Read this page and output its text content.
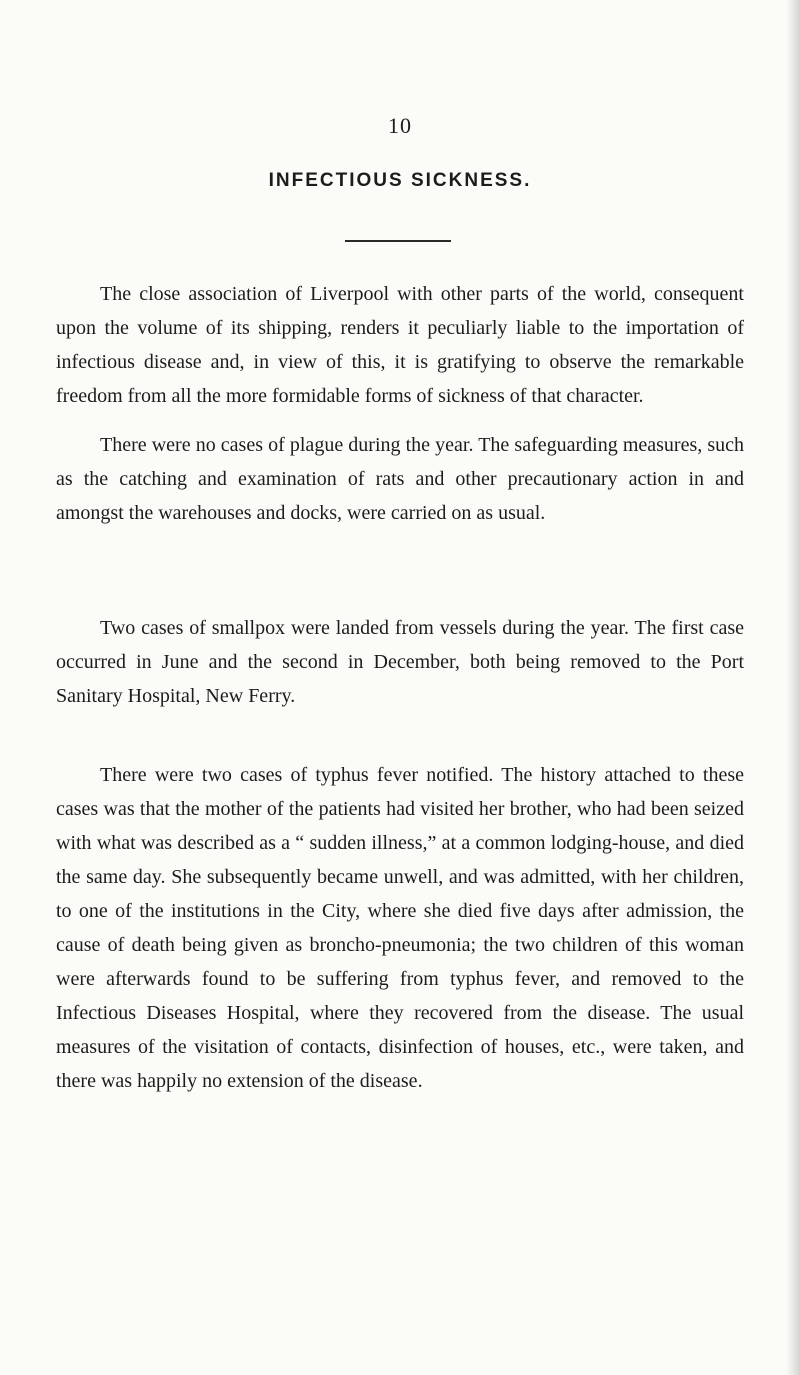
10
INFECTIOUS SICKNESS.

The close association of Liverpool with other parts of the world, consequent upon the volume of its shipping, renders it peculiarly liable to the importation of infectious disease and, in view of this, it is gratifying to observe the remarkable freedom from all the more formidable forms of sickness of that character.

There were no cases of plague during the year. The safeguarding measures, such as the catching and examination of rats and other precautionary action in and amongst the warehouses and docks, were carried on as usual.

Two cases of smallpox were landed from vessels during the year. The first case occurred in June and the second in December, both being removed to the Port Sanitary Hospital, New Ferry.

There were two cases of typhus fever notified. The history attached to these cases was that the mother of the patients had visited her brother, who had been seized with what was described as a “ sudden illness,” at a common lodging-house, and died the same day. She subsequently became unwell, and was admitted, with her children, to one of the institutions in the City, where she died five days after admission, the cause of death being given as broncho-pneumonia; the two children of this woman were afterwards found to be suffering from typhus fever, and removed to the Infectious Diseases Hospital, where they recovered from the disease. The usual measures of the visitation of contacts, disinfection of houses, etc., were taken, and there was happily no extension of the disease.
